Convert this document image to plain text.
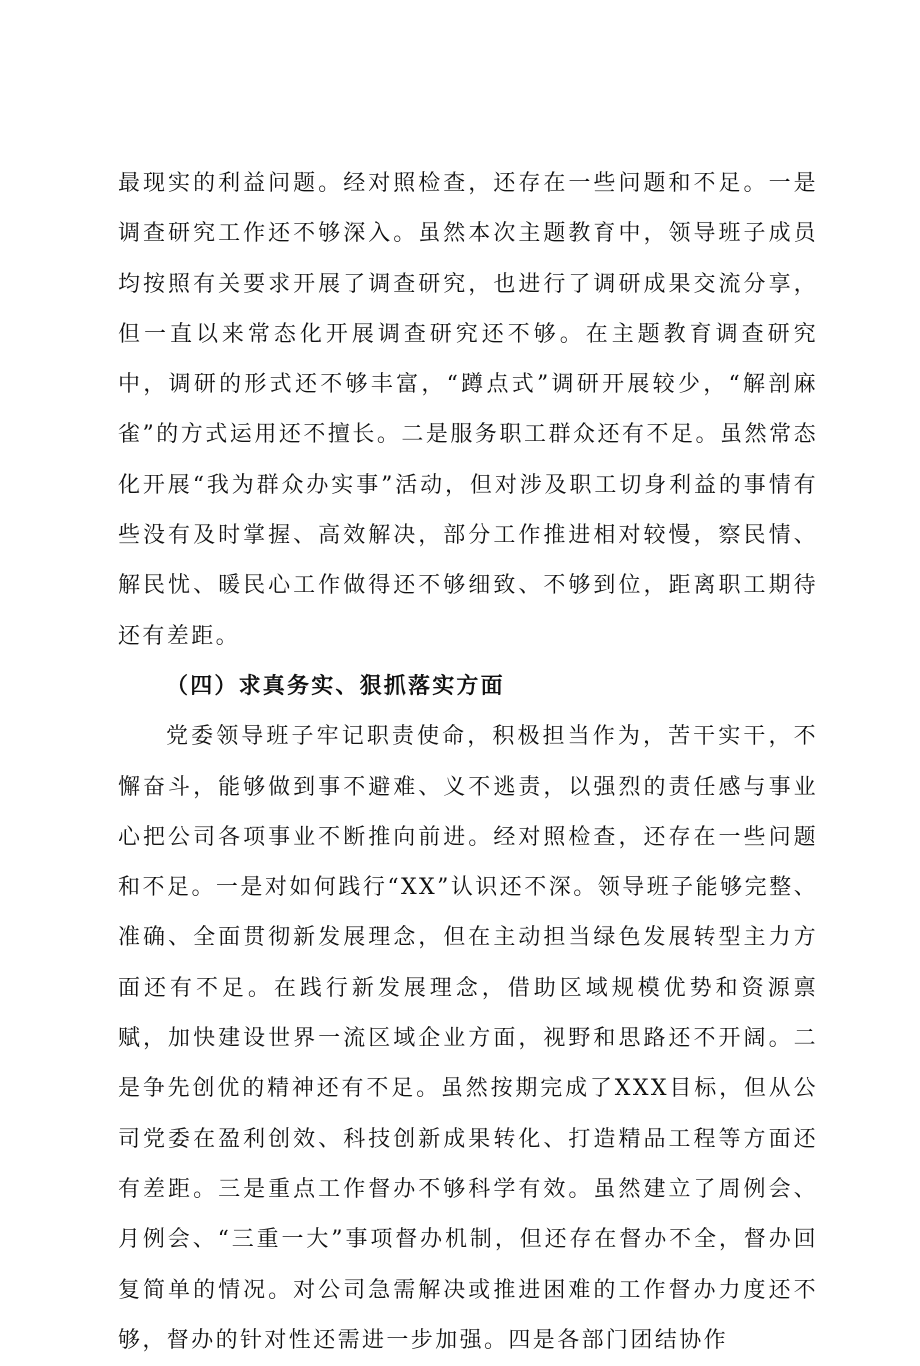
最现实的利益问题。经对照检查，还存在一些问题和不足。一是调查研究工作还不够深入。虽然本次主题教育中，领导班子成员均按照有关要求开展了调查研究，也进行了调研成果交流分享，但一直以来常态化开展调查研究还不够。在主题教育调查研究中，调研的形式还不够丰富，“蹲点式”调研开展较少，“解剖麻雀”的方式运用还不擅长。二是服务职工群众还有不足。虽然常态化开展“我为群众办实事”活动，但对涉及职工切身利益的事情有些没有及时掌握、高效解决，部分工作推进相对较慢，察民情、解民忧、暖民心工作做得还不够细致、不够到位，距离职工期待还有差距。

（四）求真务实、狠抓落实方面

党委领导班子牢记职责使命，积极担当作为，苦干实干，不懈奋斗，能够做到事不避难、义不逃责，以强烈的责任感与事业心把公司各项事业不断推向前进。经对照检查，还存在一些问题和不足。一是对如何践行“XX”认识还不深。领导班子能够完整、准确、全面贯彻新发展理念，但在主动担当绿色发展转型主力方面还有不足。在践行新发展理念，借助区域规模优势和资源禀赋，加快建设世界一流区域企业方面，视野和思路还不开阔。二是争先创优的精神还有不足。虽然按期完成了XXX目标，但从公司党委在盈利创效、科技创新成果转化、打造精品工程等方面还有差距。三是重点工作督办不够科学有效。虽然建立了周例会、月例会、“三重一大”事项督办机制，但还存在督办不全，督办回复简单的情况。对公司急需解决或推进困难的工作督办力度还不够，督办的针对性还需进一步加强。四是各部门团结协作
